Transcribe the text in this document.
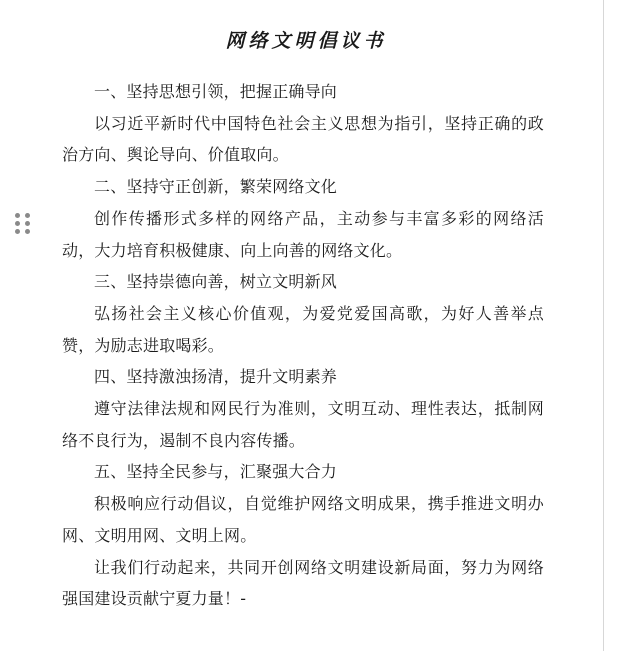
网络文明倡议书

一、坚持思想引领，把握正确导向

以习近平新时代中国特色社会主义思想为指引，坚持正确的政治方向、舆论导向、价值取向。

二、坚持守正创新，繁荣网络文化

创作传播形式多样的网络产品，主动参与丰富多彩的网络活动，大力培育积极健康、向上向善的网络文化。

三、坚持崇德向善，树立文明新风

弘扬社会主义核心价值观，为爱党爱国高歌，为好人善举点赞，为励志进取喝彩。

四、坚持激浊扬清，提升文明素养

遵守法律法规和网民行为准则，文明互动、理性表达，抵制网络不良行为，遏制不良内容传播。

五、坚持全民参与，汇聚强大合力

积极响应行动倡议，自觉维护网络文明成果，携手推进文明办网、文明用网、文明上网。

让我们行动起来，共同开创网络文明建设新局面，努力为网络强国建设贡献宁夏力量！-
